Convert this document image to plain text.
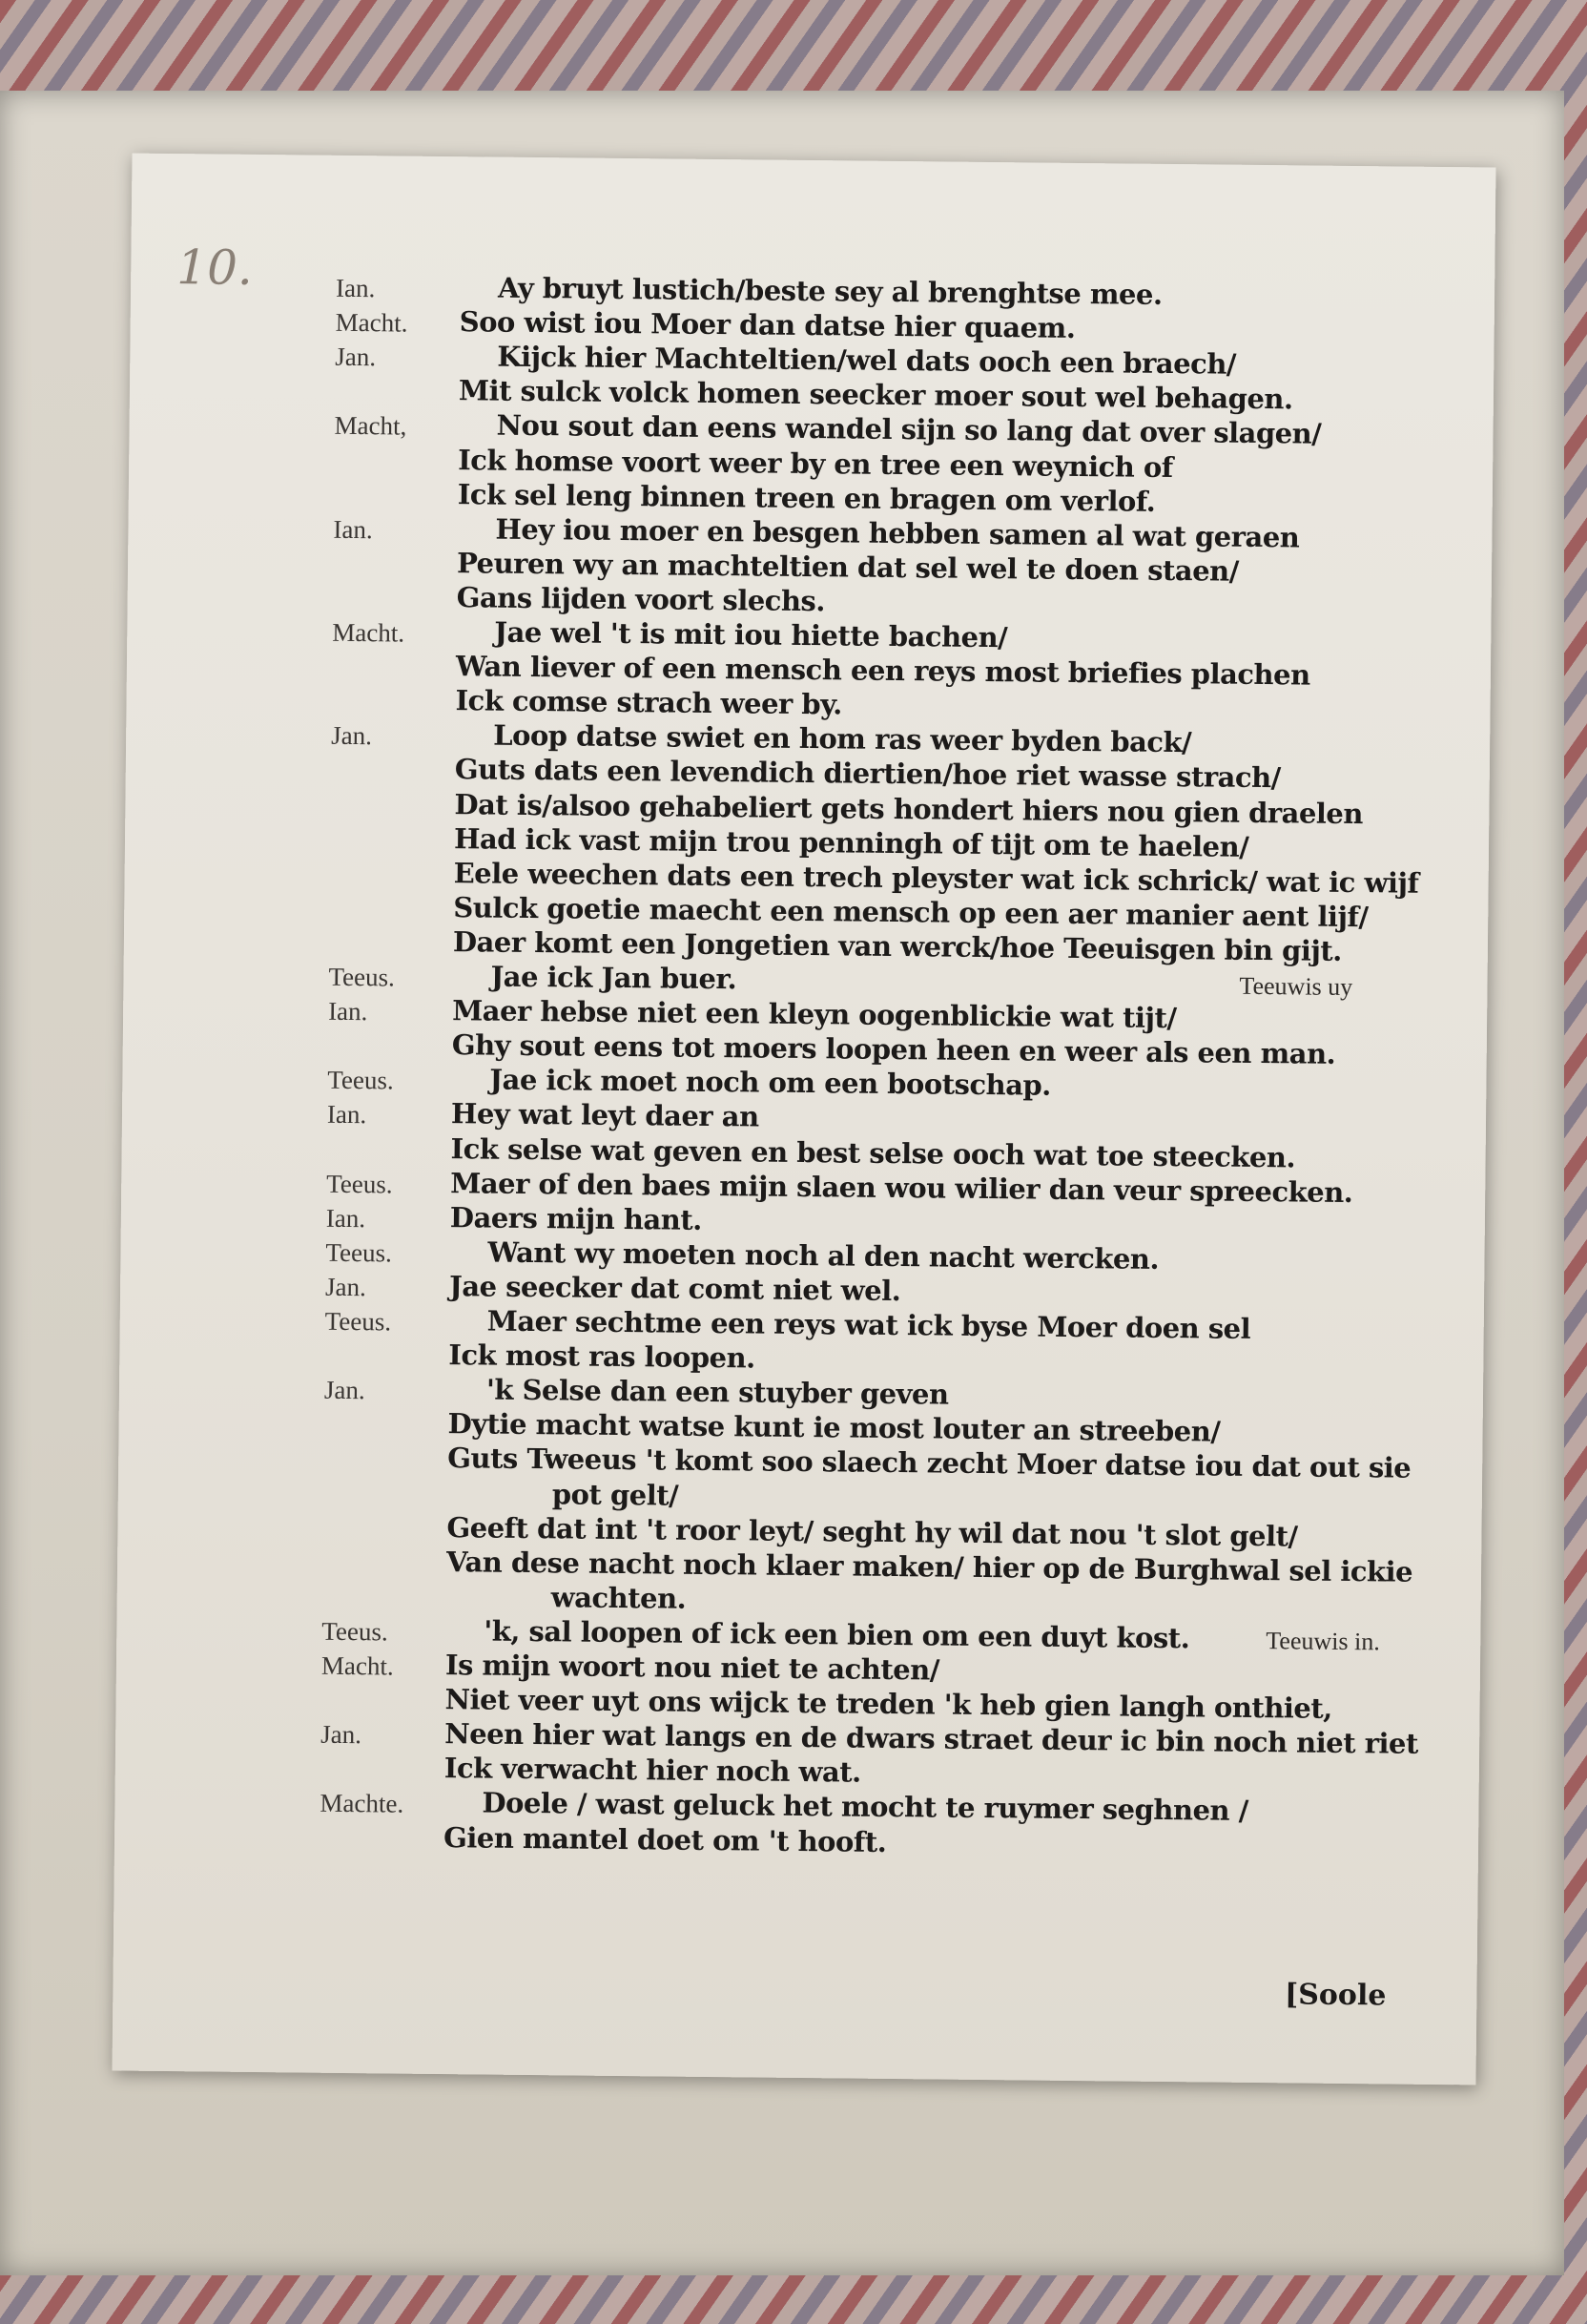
10.	Ian.	Ay bruyt lustich/beste sey al brenghtse mee.
Macht. Soo wist iou Moer dan datse hier quaem.
Jan.	Kijck hier Machteltien/wel dats ooch een braech/
Mit sulck volck homen seecker moer sout wel behagen.
Macht,	Nou sout dan eens wandel sijn so lang dat over slagen/
Ick homse voort weer by en tree een weynich of
Ick sel leng binnen treen en bragen om verlof.
Ian.	Hey iou moer en besgen hebben samen al wat geraen
Peuren wy an machteltien dat sel wel te doen staen/
Gans lijden voort slechs.
Macht.	Jae wel 't is mit iou hiette bachen/
Wan liever of een mensch een reys most briefies plachen
Ick comse strach weer by.
Jan.	Loop datse swiet en hom ras weer byden back/
Guts dats een levendich diertien/hoe riet wasse strach/
Dat is/alsoo gehabeliert gets hondert hiers nou gien draelen
Had ick vast mijn trou penningh of tijt om te haelen/
Eele weechen dats een trech pleyster wat ick schrick/ wat ic wijf
Sulck goetie maecht een mensch op een aer manier aent lijf/
Daer komt een Jongetien van werck/hoe Teeuisgen bin gijt.
Teeus.	Jae ick Jan buer.	Teeuwis uy
Ian.	Maer hebse niet een kleyn oogenblickie wat tijt/
Ghy sout eens tot moers loopen heen en weer als een man.
Teeus.	Jae ick moet noch om een bootschap.
Ian.	Hey wat leyt daer an
Ick selse wat geven en best selse ooch wat toe steecken.
Teeus. Maer of den baes mijn slaen wou wilier dan veur spreecken.
Ian.	Daers mijn hant.
Teeus.	Want wy moeten noch al den nacht wercken.
Jan.	Jae seecker dat comt niet wel.
Teeus.	Maer sechtme een reys wat ick byse Moer doen sel
Ick most ras loopen.
Jan.	'k Selse dan een stuyber geven
Dytie macht watse kunt ie most louter an streeben/
Guts Tweeus 't komt soo slaech zecht Moer datse iou dat out sie
pot gelt/
Geeft dat int 't roor leyt/ seght hy wil dat nou 't slot gelt/
Van dese nacht noch klaer maken/ hier op de Burghwal sel ickie
wachten.
Teeus.	'k, sal loopen of ick een bien om een duyt kost.	Teeuwis in.
Macht. Is mijn woort nou niet te achten/
Niet veer uyt ons wijck te treden 'k heb gien langh onthiet,
Jan.	Neen hier wat langs en de dwars straet deur ic bin noch niet riet
Ick verwacht hier noch wat.
Machte.	Doele / wast geluck het mocht te ruymer seghnen /
Gien mantel doet om 't hooft.
[Soole
